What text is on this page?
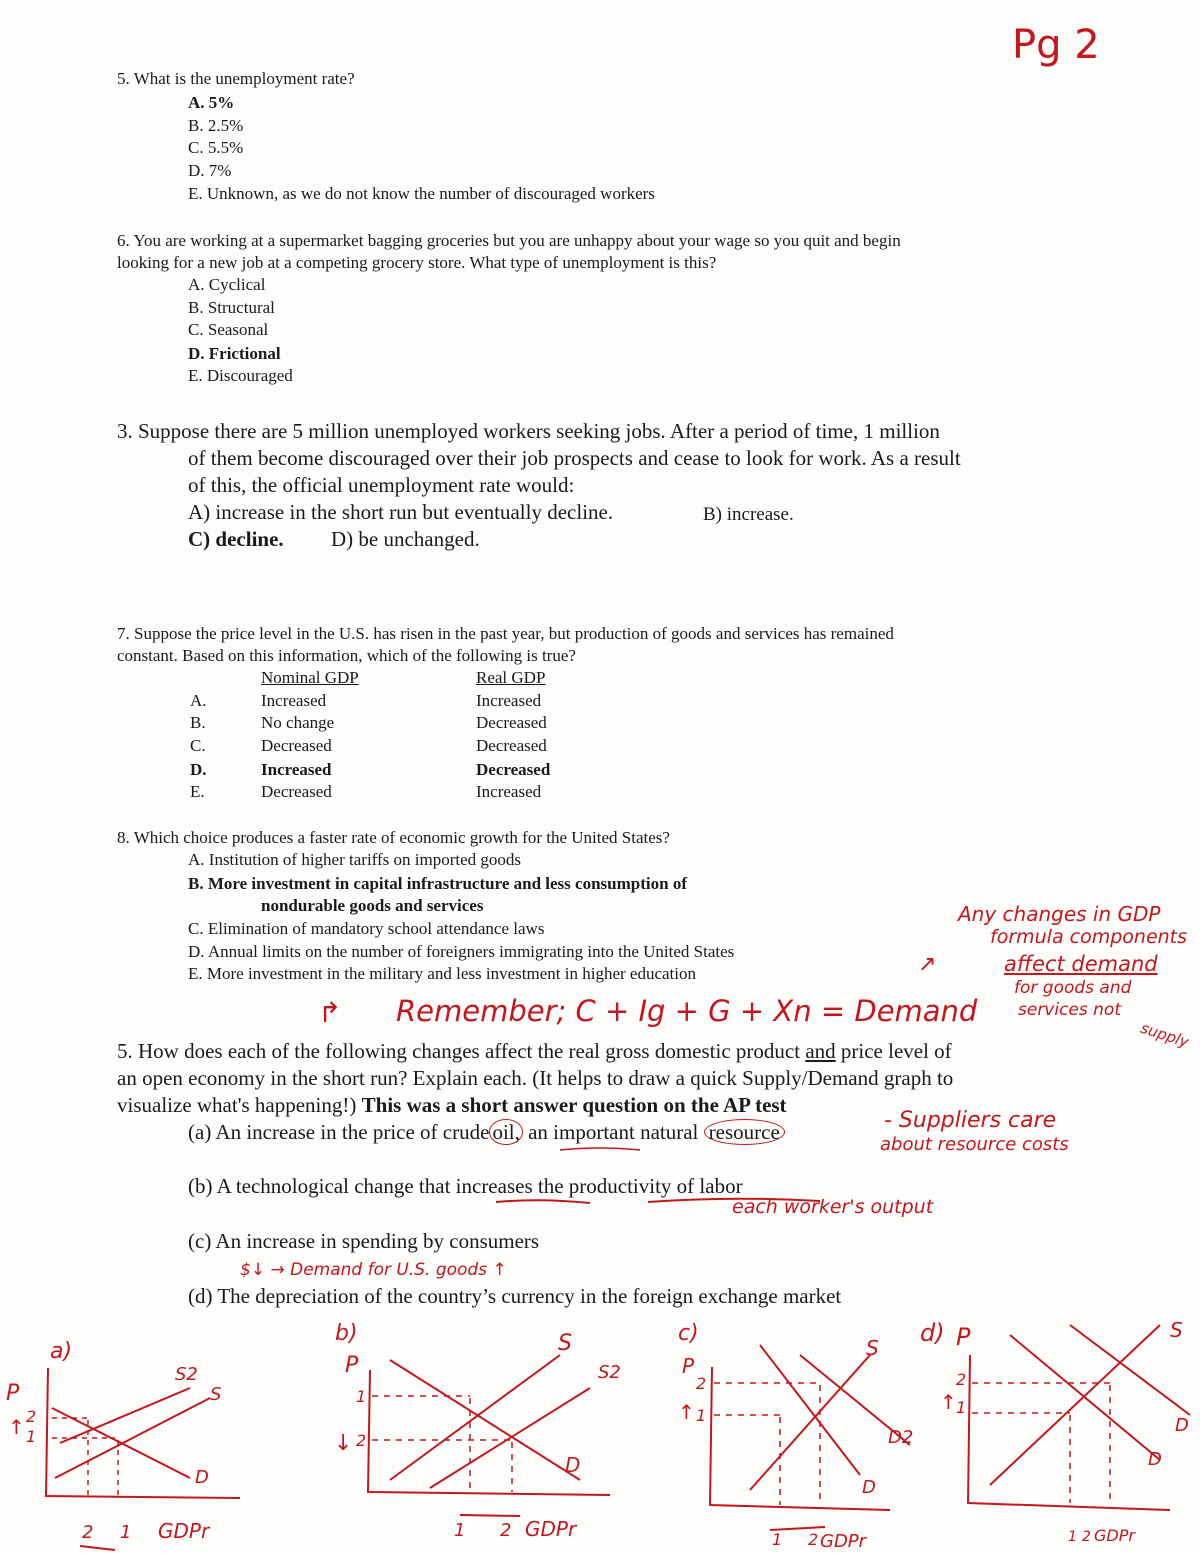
Pg 2
5. What is the unemployment rate?
A. 5%
B. 2.5%
C. 5.5%
D. 7%
E. Unknown, as we do not know the number of discouraged workers
6. You are working at a supermarket bagging groceries but you are unhappy about your wage so you quit and begin
looking for a new job at a competing grocery store. What type of unemployment is this?
A. Cyclical
B. Structural
C. Seasonal
D. Frictional
E. Discouraged
3. Suppose there are 5 million unemployed workers seeking jobs. After a period of time, 1 million
of them become discouraged over their job prospects and cease to look for work. As a result
of this, the official unemployment rate would:
A) increase in the short run but eventually decline.	B) increase.
C) decline. D) be unchanged.
7. Suppose the price level in the U.S. has risen in the past year, but production of goods and services has remained
constant. Based on this information, which of the following is true?
Nominal GDP	Real GDP
A.	Increased	Increased
B.	No change	Decreased
C.	Decreased	Decreased
D.	Increased	Decreased
E.	Decreased	Increased
8. Which choice produces a faster rate of economic growth for the United States?
A. Institution of higher tariffs on imported goods
B. More investment in capital infrastructure and less consumption of
nondurable goods and services
C. Elimination of mandatory school attendance laws
D. Annual limits on the number of foreigners immigrating into the United States
E. More investment in the military and less investment in higher education
Any changes in GDP
formula components
affect demand
for goods and
services not
supply
↗
↱ Remember; C + Ig + G + Xn = Demand
5. How does each of the following changes affect the real gross domestic product and price level of
an open economy in the short run? Explain each. (It helps to draw a quick Supply/Demand graph to
visualize what's happening!) This was a short answer question on the AP test
(a) An increase in the price of crude oil, an important natural resource	- Suppliers care
about resource costs
(b) A technological change that increases the productivity of labor
each worker's output
(c) An increase in spending by consumers
$↓ → Demand for U.S. goods ↑
(d) The depreciation of the country’s currency in the foreign exchange market
a)
P
2
1
↑
S2
S
D
2 1 GDPr
b)
P
1
2
↓
S
S2
D
1 2 GDPr
c)
P
2
1
↑
S
D2
D
1 2 GDPr
d) P
2
1
↑
S
D
D
1 2 GDPr
